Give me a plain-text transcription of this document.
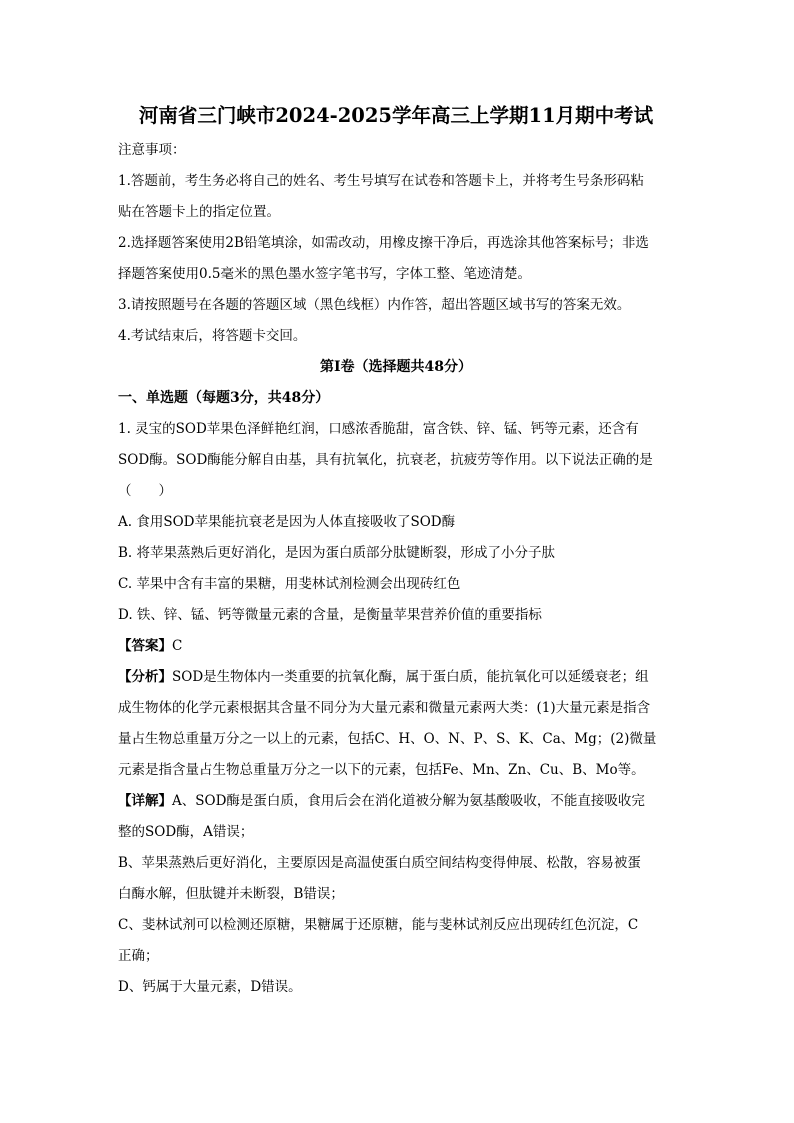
河南省三门峡市2024-2025学年高三上学期11月期中考试
注意事项：
1.答题前，考生务必将自己的姓名、考生号填写在试卷和答题卡上，并将考生号条形码粘
贴在答题卡上的指定位置。
2.选择题答案使用2B铅笔填涂，如需改动，用橡皮擦干净后，再选涂其他答案标号；非选
择题答案使用0.5毫米的黑色墨水签字笔书写，字体工整、笔迹清楚。
3.请按照题号在各题的答题区域（黑色线框）内作答，超出答题区域书写的答案无效。
4.考试结束后，将答题卡交回。
第Ⅰ卷（选择题共48分）
一、单选题（每题3分，共48分）
1. 灵宝的SOD苹果色泽鲜艳红润，口感浓香脆甜，富含铁、锌、锰、钙等元素，还含有
SOD酶。SOD酶能分解自由基，具有抗氧化，抗衰老，抗疲劳等作用。以下说法正确的是
（　　）
A. 食用SOD苹果能抗衰老是因为人体直接吸收了SOD酶
B. 将苹果蒸熟后更好消化，是因为蛋白质部分肽键断裂，形成了小分子肽
C. 苹果中含有丰富的果糖，用斐林试剂检测会出现砖红色
D. 铁、锌、锰、钙等微量元素的含量，是衡量苹果营养价值的重要指标
【答案】C
【分析】SOD是生物体内一类重要的抗氧化酶，属于蛋白质，能抗氧化可以延缓衰老；组
成生物体的化学元素根据其含量不同分为大量元素和微量元素两大类：(1)大量元素是指含
量占生物总重量万分之一以上的元素，包括C、H、O、N、P、S、K、Ca、Mg；(2)微量
元素是指含量占生物总重量万分之一以下的元素，包括Fe、Mn、Zn、Cu、B、Mo等。
【详解】A、SOD酶是蛋白质，食用后会在消化道被分解为氨基酸吸收，不能直接吸收完
整的SOD酶，A错误；
B、苹果蒸熟后更好消化，主要原因是高温使蛋白质空间结构变得伸展、松散，容易被蛋
白酶水解，但肽键并未断裂，B错误；
C、斐林试剂可以检测还原糖，果糖属于还原糖，能与斐林试剂反应出现砖红色沉淀，C
正确；
D、钙属于大量元素，D错误。
